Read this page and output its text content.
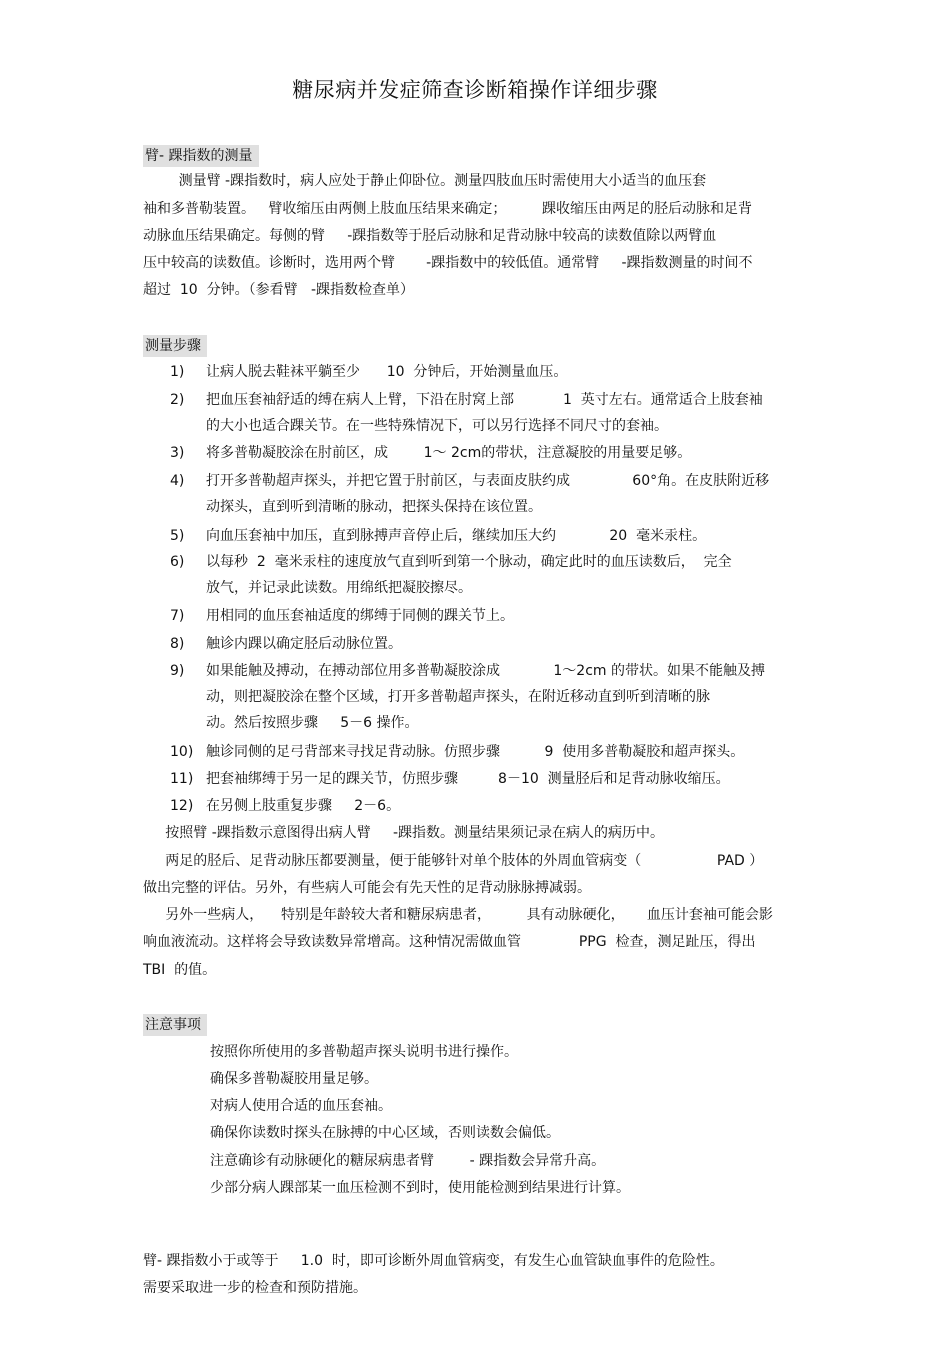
糖尿病并发症筛查诊断箱操作详细步骤
臂- 踝指数的测量
测量臂 -踝指数时，病人应处于静止仰卧位。测量四肢血压时需使用大小适当的血压套
袖和多普勒装置。   臂收缩压由两侧上肢血压结果来确定；        踝收缩压由两足的胫后动脉和足背
动脉血压结果确定。每侧的臂     -踝指数等于胫后动脉和足背动脉中较高的读数值除以两臂血
压中较高的读数值。诊断时，选用两个臂       -踝指数中的较低值。通常臂     -踝指数测量的时间不
超过  10  分钟。（参看臂   -踝指数检查单）
测量步骤
1)	让病人脱去鞋袜平躺至少      10  分钟后，开始测量血压。
2)	把血压套袖舒适的缚在病人上臂，下沿在肘窝上部           1  英寸左右。通常适合上肢套袖
的大小也适合踝关节。在一些特殊情况下，可以另行选择不同尺寸的套袖。
3)	将多普勒凝胶涂在肘前区，成        1～ 2cm的带状，注意凝胶的用量要足够。
4)	打开多普勒超声探头，并把它置于肘前区，与表面皮肤约成              60°角。在皮肤附近移
动探头，直到听到清晰的脉动，把探头保持在该位置。
5)	向血压套袖中加压，直到脉搏声音停止后，继续加压大约            20  毫米汞柱。
6)	以每秒  2  毫米汞柱的速度放气直到听到第一个脉动，确定此时的血压读数后，  完全
放气，并记录此读数。用绵纸把凝胶擦尽。
7)	用相同的血压套袖适度的绑缚于同侧的踝关节上。
8)	触诊内踝以确定胫后动脉位置。
9)	如果能触及搏动，在搏动部位用多普勒凝胶涂成            1～2cm 的带状。如果不能触及搏
动，则把凝胶涂在整个区域，打开多普勒超声探头，在附近移动直到听到清晰的脉
动。然后按照步骤     5－6 操作。
10) 触诊同侧的足弓背部来寻找足背动脉。仿照步骤          9  使用多普勒凝胶和超声探头。
11) 把套袖绑缚于另一足的踝关节，仿照步骤         8－10  测量胫后和足背动脉收缩压。
12) 在另侧上肢重复步骤     2－6。
按照臂 -踝指数示意图得出病人臂     -踝指数。测量结果须记录在病人的病历中。
两足的胫后、足背动脉压都要测量，便于能够针对单个肢体的外周血管病变（                 PAD ）
做出完整的评估。另外，有些病人可能会有先天性的足背动脉脉搏减弱。
另外一些病人，    特别是年龄较大者和糖尿病患者，        具有动脉硬化，     血压计套袖可能会影
响血液流动。这样将会导致读数异常增高。这种情况需做血管             PPG  检查，测足趾压，得出
TBI  的值。
注意事项
按照你所使用的多普勒超声探头说明书进行操作。
确保多普勒凝胶用量足够。
对病人使用合适的血压套袖。
确保你读数时探头在脉搏的中心区域，否则读数会偏低。
注意确诊有动脉硬化的糖尿病患者臂        - 踝指数会异常升高。
少部分病人踝部某一血压检测不到时，使用能检测到结果进行计算。
臂- 踝指数小于或等于     1.0  时，即可诊断外周血管病变，有发生心血管缺血事件的危险性。
需要采取进一步的检查和预防措施。
